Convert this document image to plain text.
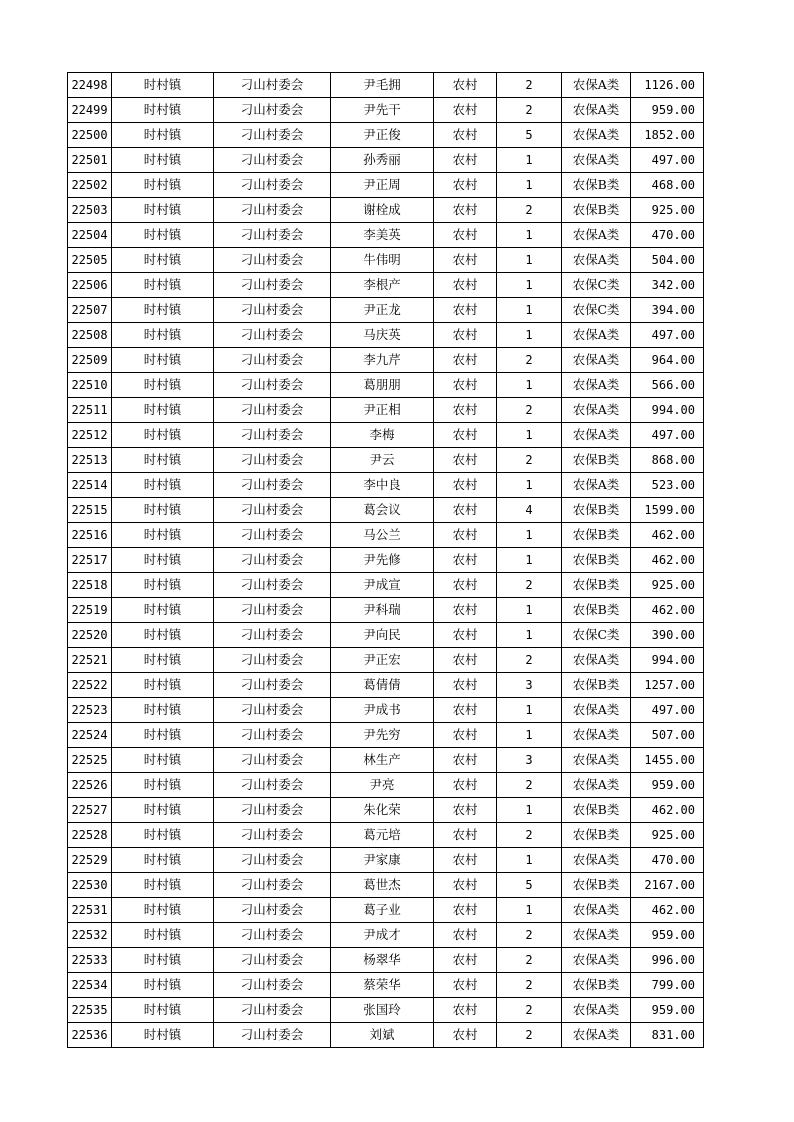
22498	时村镇	刁山村委会	尹毛拥	农村	2	农保A类	1126.00
22499	时村镇	刁山村委会	尹先干	农村	2	农保A类	959.00
22500	时村镇	刁山村委会	尹正俊	农村	5	农保A类	1852.00
22501	时村镇	刁山村委会	孙秀丽	农村	1	农保A类	497.00
22502	时村镇	刁山村委会	尹正周	农村	1	农保B类	468.00
22503	时村镇	刁山村委会	谢栓成	农村	2	农保B类	925.00
22504	时村镇	刁山村委会	李美英	农村	1	农保A类	470.00
22505	时村镇	刁山村委会	牛伟明	农村	1	农保A类	504.00
22506	时村镇	刁山村委会	李根产	农村	1	农保C类	342.00
22507	时村镇	刁山村委会	尹正龙	农村	1	农保C类	394.00
22508	时村镇	刁山村委会	马庆英	农村	1	农保A类	497.00
22509	时村镇	刁山村委会	李九芹	农村	2	农保A类	964.00
22510	时村镇	刁山村委会	葛朋朋	农村	1	农保A类	566.00
22511	时村镇	刁山村委会	尹正相	农村	2	农保A类	994.00
22512	时村镇	刁山村委会	李梅	农村	1	农保A类	497.00
22513	时村镇	刁山村委会	尹云	农村	2	农保B类	868.00
22514	时村镇	刁山村委会	李中良	农村	1	农保A类	523.00
22515	时村镇	刁山村委会	葛会议	农村	4	农保B类	1599.00
22516	时村镇	刁山村委会	马公兰	农村	1	农保B类	462.00
22517	时村镇	刁山村委会	尹先修	农村	1	农保B类	462.00
22518	时村镇	刁山村委会	尹成宣	农村	2	农保B类	925.00
22519	时村镇	刁山村委会	尹科瑞	农村	1	农保B类	462.00
22520	时村镇	刁山村委会	尹向民	农村	1	农保C类	390.00
22521	时村镇	刁山村委会	尹正宏	农村	2	农保A类	994.00
22522	时村镇	刁山村委会	葛倩倩	农村	3	农保B类	1257.00
22523	时村镇	刁山村委会	尹成书	农村	1	农保A类	497.00
22524	时村镇	刁山村委会	尹先穷	农村	1	农保A类	507.00
22525	时村镇	刁山村委会	林生产	农村	3	农保A类	1455.00
22526	时村镇	刁山村委会	尹亮	农村	2	农保A类	959.00
22527	时村镇	刁山村委会	朱化荣	农村	1	农保B类	462.00
22528	时村镇	刁山村委会	葛元培	农村	2	农保B类	925.00
22529	时村镇	刁山村委会	尹家康	农村	1	农保A类	470.00
22530	时村镇	刁山村委会	葛世杰	农村	5	农保B类	2167.00
22531	时村镇	刁山村委会	葛子业	农村	1	农保A类	462.00
22532	时村镇	刁山村委会	尹成才	农村	2	农保A类	959.00
22533	时村镇	刁山村委会	杨翠华	农村	2	农保A类	996.00
22534	时村镇	刁山村委会	蔡荣华	农村	2	农保B类	799.00
22535	时村镇	刁山村委会	张国玲	农村	2	农保A类	959.00
22536	时村镇	刁山村委会	刘斌	农村	2	农保A类	831.00
